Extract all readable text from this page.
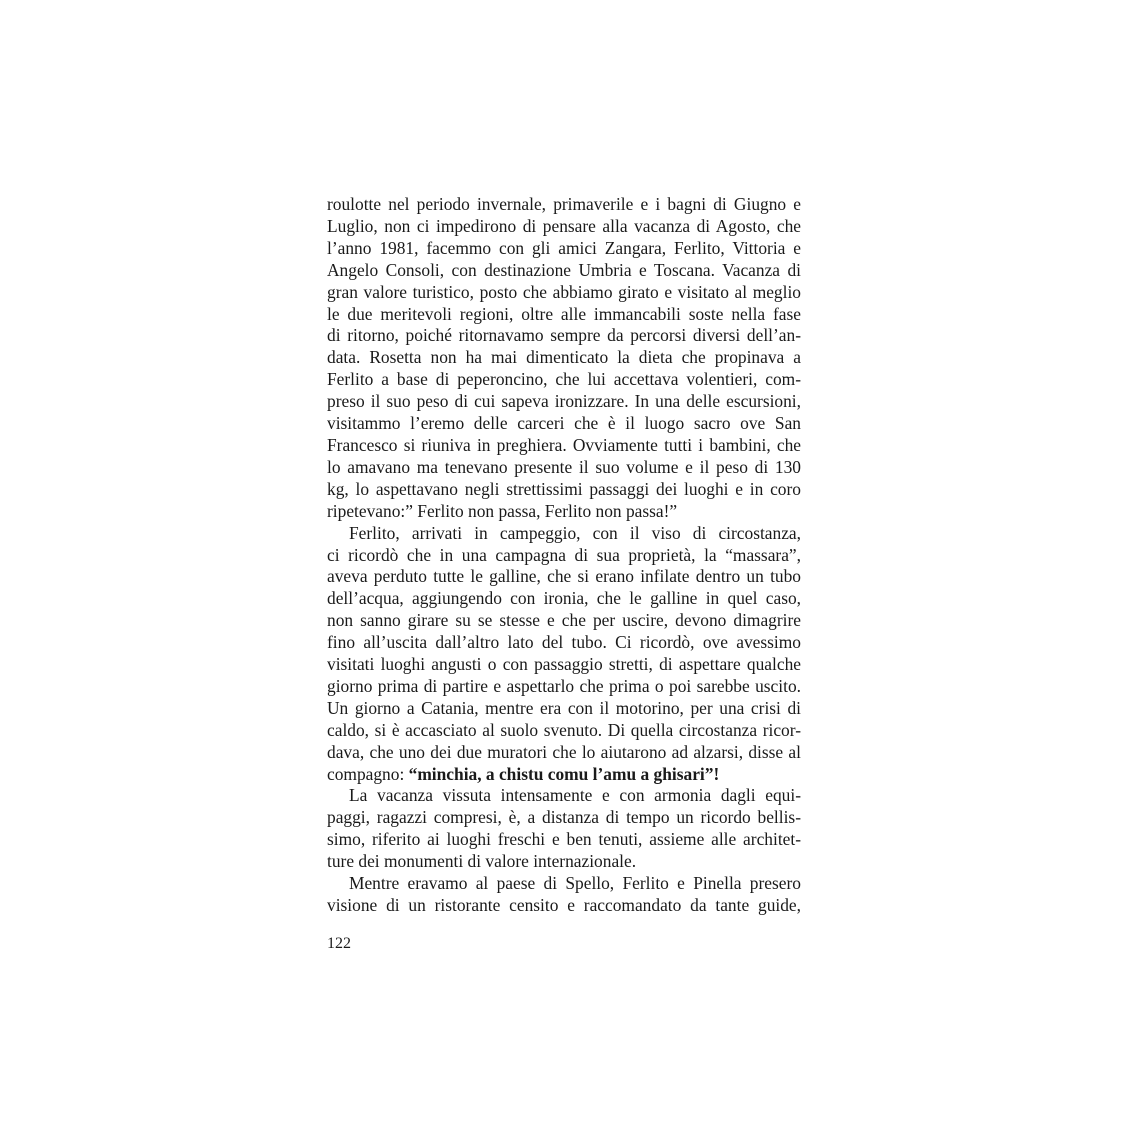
roulotte nel periodo invernale, primaverile e i bagni di Giugno e
Luglio, non ci impedirono di pensare alla vacanza di Agosto, che
l’anno 1981, facemmo con gli amici Zangara, Ferlito, Vittoria e
Angelo Consoli, con destinazione Umbria e Toscana. Vacanza di
gran valore turistico, posto che abbiamo girato e visitato al meglio
le due meritevoli regioni, oltre alle immancabili soste nella fase
di ritorno, poiché ritornavamo sempre da percorsi diversi dell’an-
data. Rosetta non ha mai dimenticato la dieta che propinava a
Ferlito a base di peperoncino, che lui accettava volentieri, com-
preso il suo peso di cui sapeva ironizzare. In una delle escursioni,
visitammo l’eremo delle carceri che è il luogo sacro ove San
Francesco si riuniva in preghiera. Ovviamente tutti i bambini, che
lo amavano ma tenevano presente il suo volume e il peso di 130
kg, lo aspettavano negli strettissimi passaggi dei luoghi e in coro
ripetevano:” Ferlito non passa, Ferlito non passa!”

Ferlito, arrivati in campeggio, con il viso di circostanza,
ci ricordò che in una campagna di sua proprietà, la “massara”,
aveva perduto tutte le galline, che si erano infilate dentro un tubo
dell’acqua, aggiungendo con ironia, che le galline in quel caso,
non sanno girare su se stesse e che per uscire, devono dimagrire
fino all’uscita dall’altro lato del tubo. Ci ricordò, ove avessimo
visitati luoghi angusti o con passaggio stretti, di aspettare qualche
giorno prima di partire e aspettarlo che prima o poi sarebbe uscito.
Un giorno a Catania, mentre era con il motorino, per una crisi di
caldo, si è accasciato al suolo svenuto. Di quella circostanza ricor-
dava, che uno dei due muratori che lo aiutarono ad alzarsi, disse al
compagno: “minchia, a chistu comu l’amu a ghisari”!

La vacanza vissuta intensamente e con armonia dagli equi-
paggi, ragazzi compresi, è, a distanza di tempo un ricordo bellis-
simo, riferito ai luoghi freschi e ben tenuti, assieme alle architet-
ture dei monumenti di valore internazionale.

Mentre eravamo al paese di Spello, Ferlito e Pinella presero
visione di un ristorante censito e raccomandato da tante guide,

122
